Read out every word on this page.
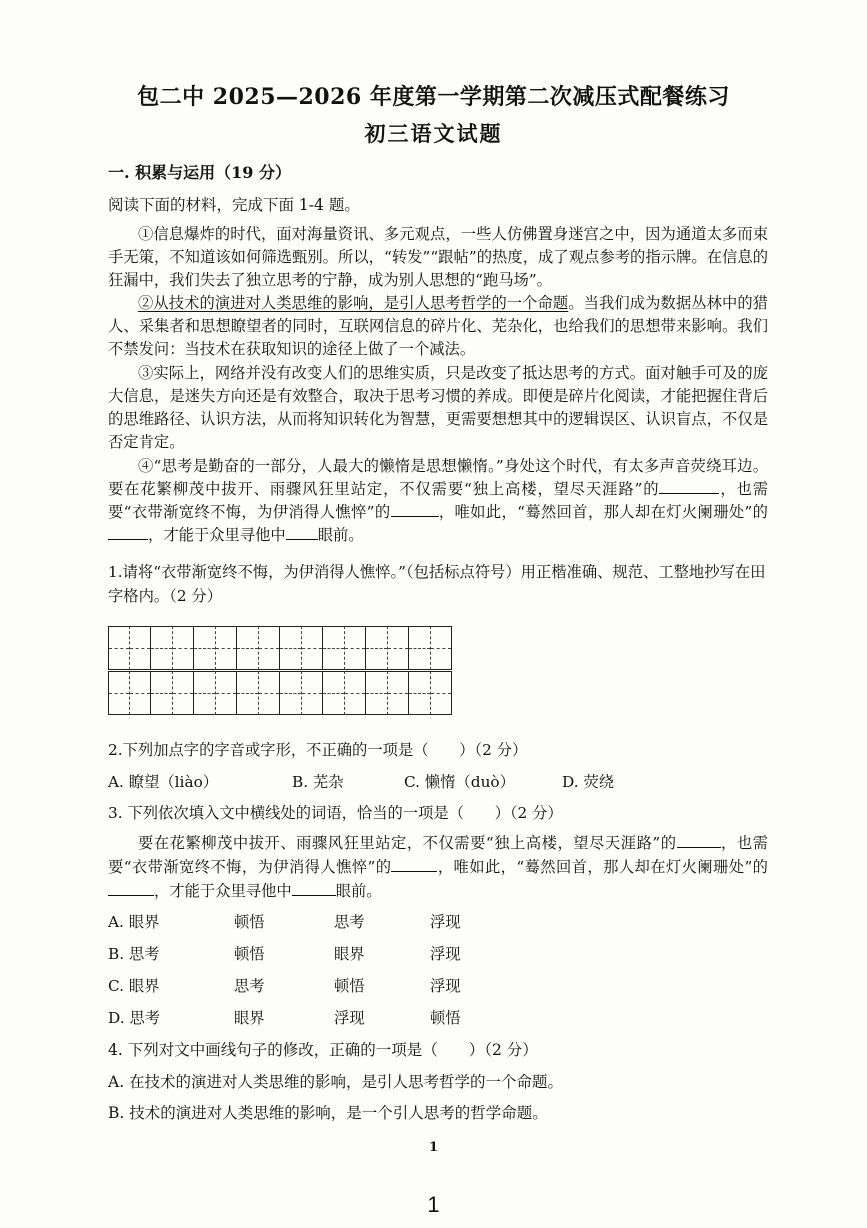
包二中 2025—2026 年度第一学期第二次减压式配餐练习
初三语文试题
一. 积累与运用（19 分）
阅读下面的材料，完成下面 1-4 题。
①信息爆炸的时代，面对海量资讯、多元观点，一些人仿佛置身迷宫之中，因为通道太多而束手无策，不知道该如何筛选甄别。所以，“转发”“跟帖”的热度，成了观点参考的指示牌。在信息的狂漏中，我们失去了独立思考的宁静，成为别人思想的“跑马场”。
②从技术的演进对人类思维的影响，是引人思考哲学的一个命题。当我们成为数据丛林中的猎人、采集者和思想瞭望者的同时，互联网信息的碎片化、芜杂化，也给我们的思想带来影响。我们不禁发问：当技术在获取知识的途径上做了一个减法。
③实际上，网络并没有改变人们的思维实质，只是改变了抵达思考的方式。面对触手可及的庞大信息，是迷失方向还是有效整合，取决于思考习惯的养成。即便是碎片化阅读，才能把握住背后的思维路径、认识方法，从而将知识转化为智慧，更需要想想其中的逻辑误区、认识盲点，不仅是否定肯定。
④“思考是勤奋的一部分，人最大的懒惰是思想懒惰。”身处这个时代，有太多声音荧绕耳边。要在花繁柳茂中拔开、雨骤风狂里站定，不仅需要“独上高楼，望尽天涯路”的	，也需要“衣带渐宽终不悔，为伊消得人憔悴”的	，唯如此，“蓦然回首，那人却在灯火阑珊处”的，才能于众里寻他中 眼前。
1.请将“衣带渐宽终不悔，为伊消得人憔悴。”（包括标点符号）用正楷准确、规范、工整地抄写在田字格内。（2 分）
2.下列加点字的字音或字形，不正确的一项是（　　）（2 分）
A. 瞭望（liào）	B. 芜杂	C. 懒惰（duò）	D. 荧绕
3. 下列依次填入文中横线处的词语，恰当的一项是（　　）（2 分）
要在花繁柳茂中拔开、雨骤风狂里站定，不仅需要“独上高楼，望尽天涯路”的	，也需要“衣带渐宽终不悔，为伊消得人憔悴”的	，唯如此，“蓦然回首，那人却在灯火阑珊处”的，才能于众里寻他中	眼前。
A. 眼界	顿悟	思考	浮现
B. 思考	顿悟	眼界	浮现
C. 眼界	思考	顿悟	浮现
D. 思考	眼界	浮现	顿悟
4. 下列对文中画线句子的修改，正确的一项是（　　）（2 分）
A. 在技术的演进对人类思维的影响，是引人思考哲学的一个命题。
B. 技术的演进对人类思维的影响，是一个引人思考的哲学命题。
1
1
